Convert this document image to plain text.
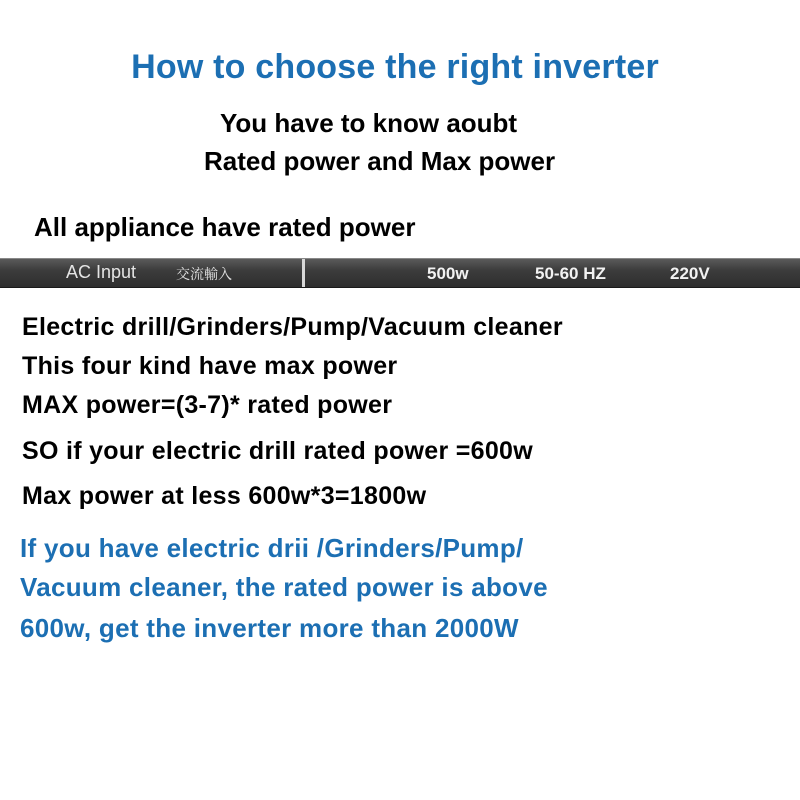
How to choose the right inverter
You have to know aoubt
Rated power and Max power
All appliance have rated power
AC Input	交流輸入	500w	50-60 HZ	220V
Electric drill/Grinders/Pump/Vacuum cleaner
This four kind have max power
MAX power=(3-7)* rated power
SO if your electric drill rated power =600w
Max power at less 600w*3=1800w
If you have electric drii /Grinders/Pump/
Vacuum cleaner, the rated power is above
600w, get the inverter more than 2000W
